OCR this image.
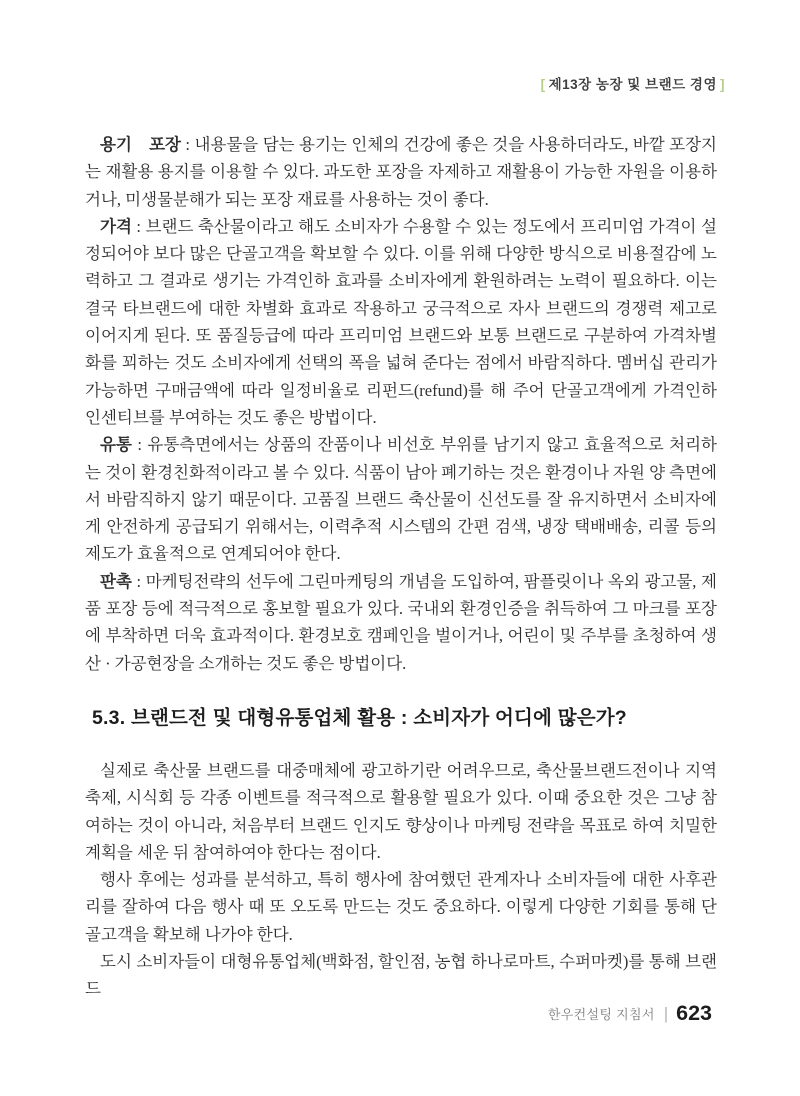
[ 제13장 농장 및 브랜드 경영 ]

용기　포장 : 내용물을 담는 용기는 인체의 건강에 좋은 것을 사용하더라도, 바깥 포장지는 재활용 용지를 이용할 수 있다. 과도한 포장을 자제하고 재활용이 가능한 자원을 이용하거나, 미생물분해가 되는 포장 재료를 사용하는 것이 좋다.

가격 : 브랜드 축산물이라고 해도 소비자가 수용할 수 있는 정도에서 프리미엄 가격이 설정되어야 보다 많은 단골고객을 확보할 수 있다. 이를 위해 다양한 방식으로 비용절감에 노력하고 그 결과로 생기는 가격인하 효과를 소비자에게 환원하려는 노력이 필요하다. 이는 결국 타브랜드에 대한 차별화 효과로 작용하고 궁극적으로 자사 브랜드의 경쟁력 제고로 이어지게 된다. 또 품질등급에 따라 프리미엄 브랜드와 보통 브랜드로 구분하여 가격차별화를 꾀하는 것도 소비자에게 선택의 폭을 넓혀 준다는 점에서 바람직하다. 멤버십 관리가 가능하면 구매금액에 따라 일정비율로 리펀드(refund)를 해 주어 단골고객에게 가격인하 인센티브를 부여하는 것도 좋은 방법이다.

유통 : 유통측면에서는 상품의 잔품이나 비선호 부위를 남기지 않고 효율적으로 처리하는 것이 환경친화적이라고 볼 수 있다. 식품이 남아 폐기하는 것은 환경이나 자원 양 측면에서 바람직하지 않기 때문이다. 고품질 브랜드 축산물이 신선도를 잘 유지하면서 소비자에게 안전하게 공급되기 위해서는, 이력추적 시스템의 간편 검색, 냉장 택배배송, 리콜 등의 제도가 효율적으로 연계되어야 한다.

판촉 : 마케팅전략의 선두에 그린마케팅의 개념을 도입하여, 팜플릿이나 옥외 광고물, 제품 포장 등에 적극적으로 홍보할 필요가 있다. 국내외 환경인증을 취득하여 그 마크를 포장에 부착하면 더욱 효과적이다. 환경보호 캠페인을 벌이거나, 어린이 및 주부를 초청하여 생산 · 가공현장을 소개하는 것도 좋은 방법이다.

5.3. 브랜드전 및 대형유통업체 활용 : 소비자가 어디에 많은가?

실제로 축산물 브랜드를 대중매체에 광고하기란 어려우므로, 축산물브랜드전이나 지역축제, 시식회 등 각종 이벤트를 적극적으로 활용할 필요가 있다. 이때 중요한 것은 그냥 참여하는 것이 아니라, 처음부터 브랜드 인지도 향상이나 마케팅 전략을 목표로 하여 치밀한 계획을 세운 뒤 참여하여야 한다는 점이다.

행사 후에는 성과를 분석하고, 특히 행사에 참여했던 관계자나 소비자들에 대한 사후관리를 잘하여 다음 행사 때 또 오도록 만드는 것도 중요하다. 이렇게 다양한 기회를 통해 단골고객을 확보해 나가야 한다.

도시 소비자들이 대형유통업체(백화점, 할인점, 농협 하나로마트, 수퍼마켓)를 통해 브랜드

한우컨설팅 지침서 | 623
